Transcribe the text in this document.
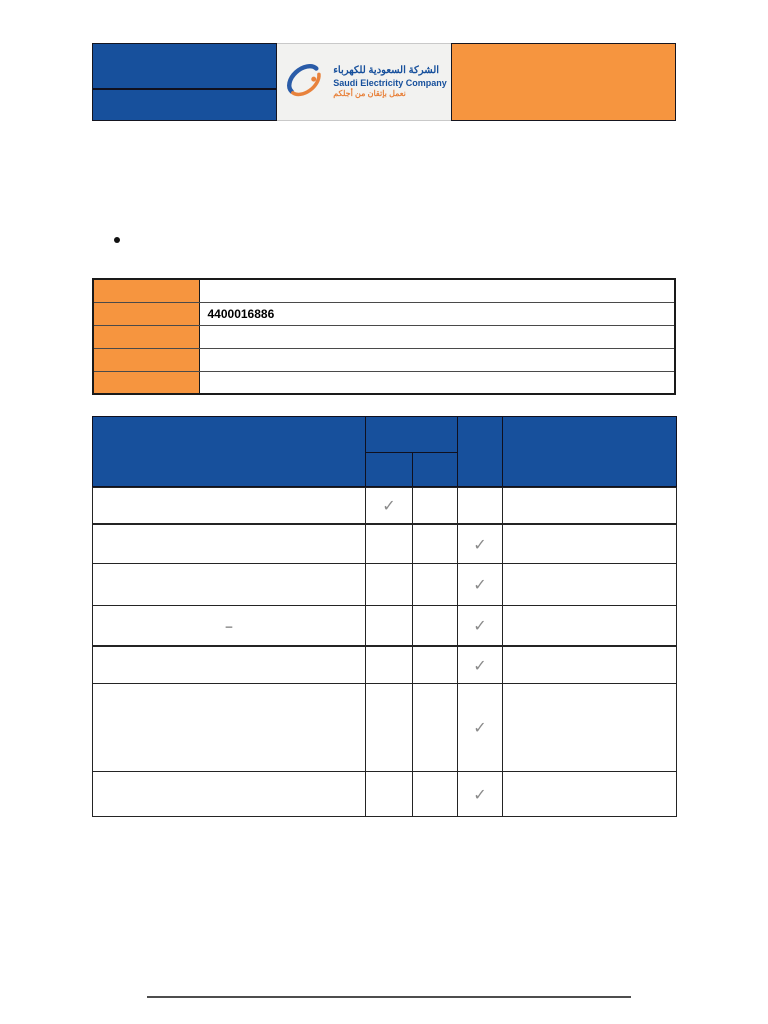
الشركة السعودية للكهرباء
Saudi Electricity Company
نعمل بإتقان من أجلكم

	4400016886

	✓			

			✓	
			✓	
–			✓	

			✓	
			✓	
			✓	
